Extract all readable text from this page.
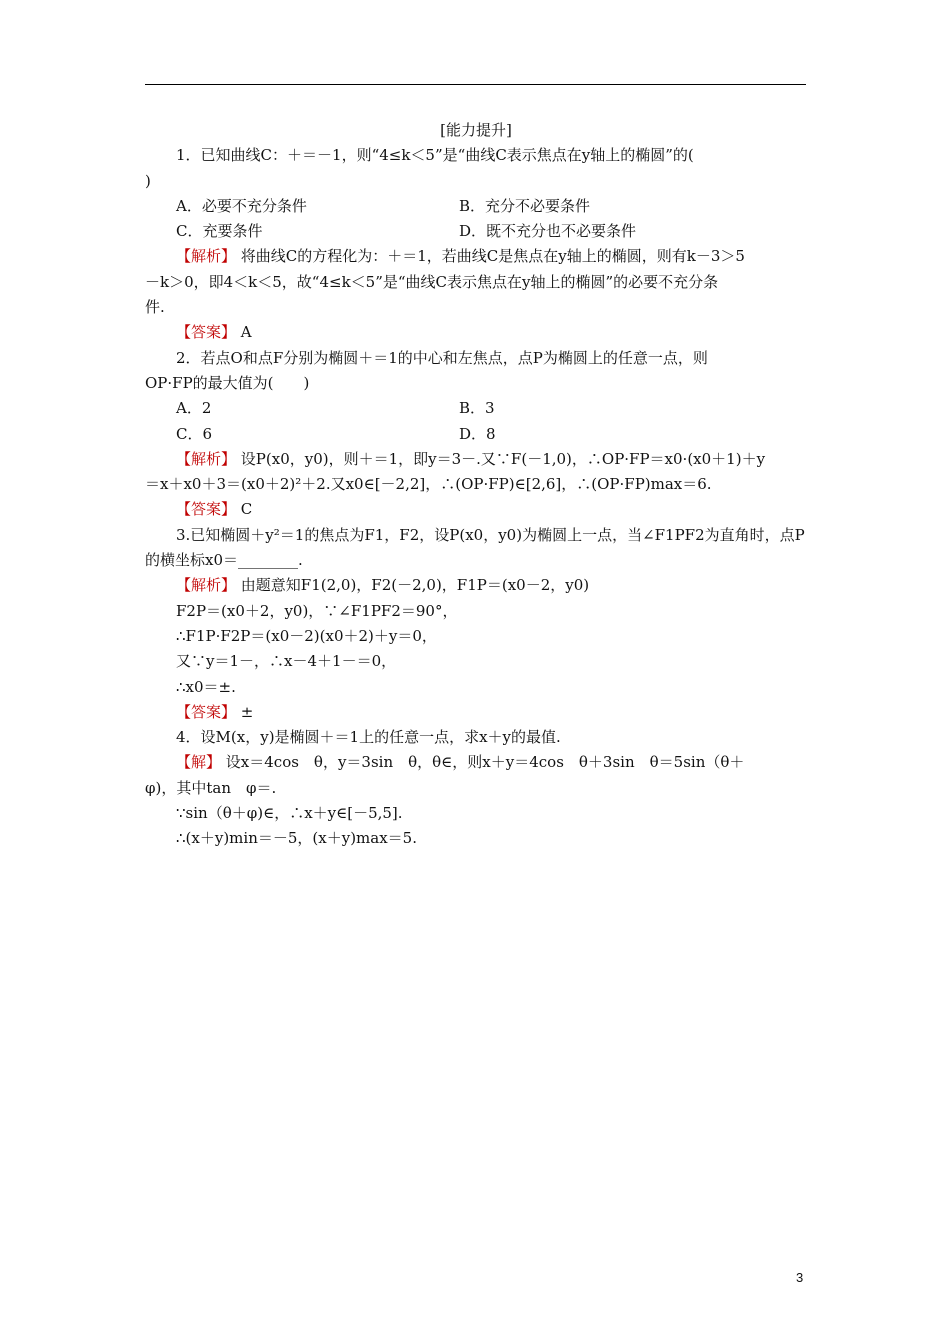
[能力提升]
1．已知曲线C：＋＝－1，则“4≤k＜5”是“曲线C表示焦点在y轴上的椭圆”的(
)
A．必要不充分条件	B．充分不必要条件
C．充要条件	D．既不充分也不必要条件
【解析】 将曲线C的方程化为：＋＝1，若曲线C是焦点在y轴上的椭圆，则有k－3＞5
－k＞0，即4＜k＜5，故“4≤k＜5”是“曲线C表示焦点在y轴上的椭圆”的必要不充分条
件.
【答案】 A
2．若点O和点F分别为椭圆＋＝1的中心和左焦点，点P为椭圆上的任意一点，则
OP·FP的最大值为(　　)
A．2	B．3
C．6	D．8
【解析】 设P(x0，y0)，则＋＝1，即y＝3－.又∵F(－1,0)，∴OP·FP＝x0·(x0＋1)＋y
＝x＋x0＋3＝(x0＋2)²＋2.又x0∈[－2,2]，∴(OP·FP)∈[2,6]，∴(OP·FP)max＝6.
【答案】 C
3.已知椭圆＋y²＝1的焦点为F1，F2，设P(x0，y0)为椭圆上一点，当∠F1PF2为直角时，点P
的横坐标x0＝________.
【解析】 由题意知F1(2,0)，F2(－2,0)，F1P＝(x0－2，y0)
F2P＝(x0＋2，y0)，∵∠F1PF2＝90°，
∴F1P·F2P＝(x0－2)(x0＋2)＋y＝0，
又∵y＝1－，∴x－4＋1－＝0，
∴x0＝±.
【答案】 ±
4．设M(x，y)是椭圆＋＝1上的任意一点，求x＋y的最值.
【解】 设x＝4cos　θ，y＝3sin　θ，θ∈，则x＋y＝4cos　θ＋3sin　θ＝5sin（θ＋
φ)，其中tan　φ＝.
∵sin（θ＋φ)∈，∴x＋y∈[－5,5].
∴(x＋y)min＝－5，(x＋y)max＝5.
3
